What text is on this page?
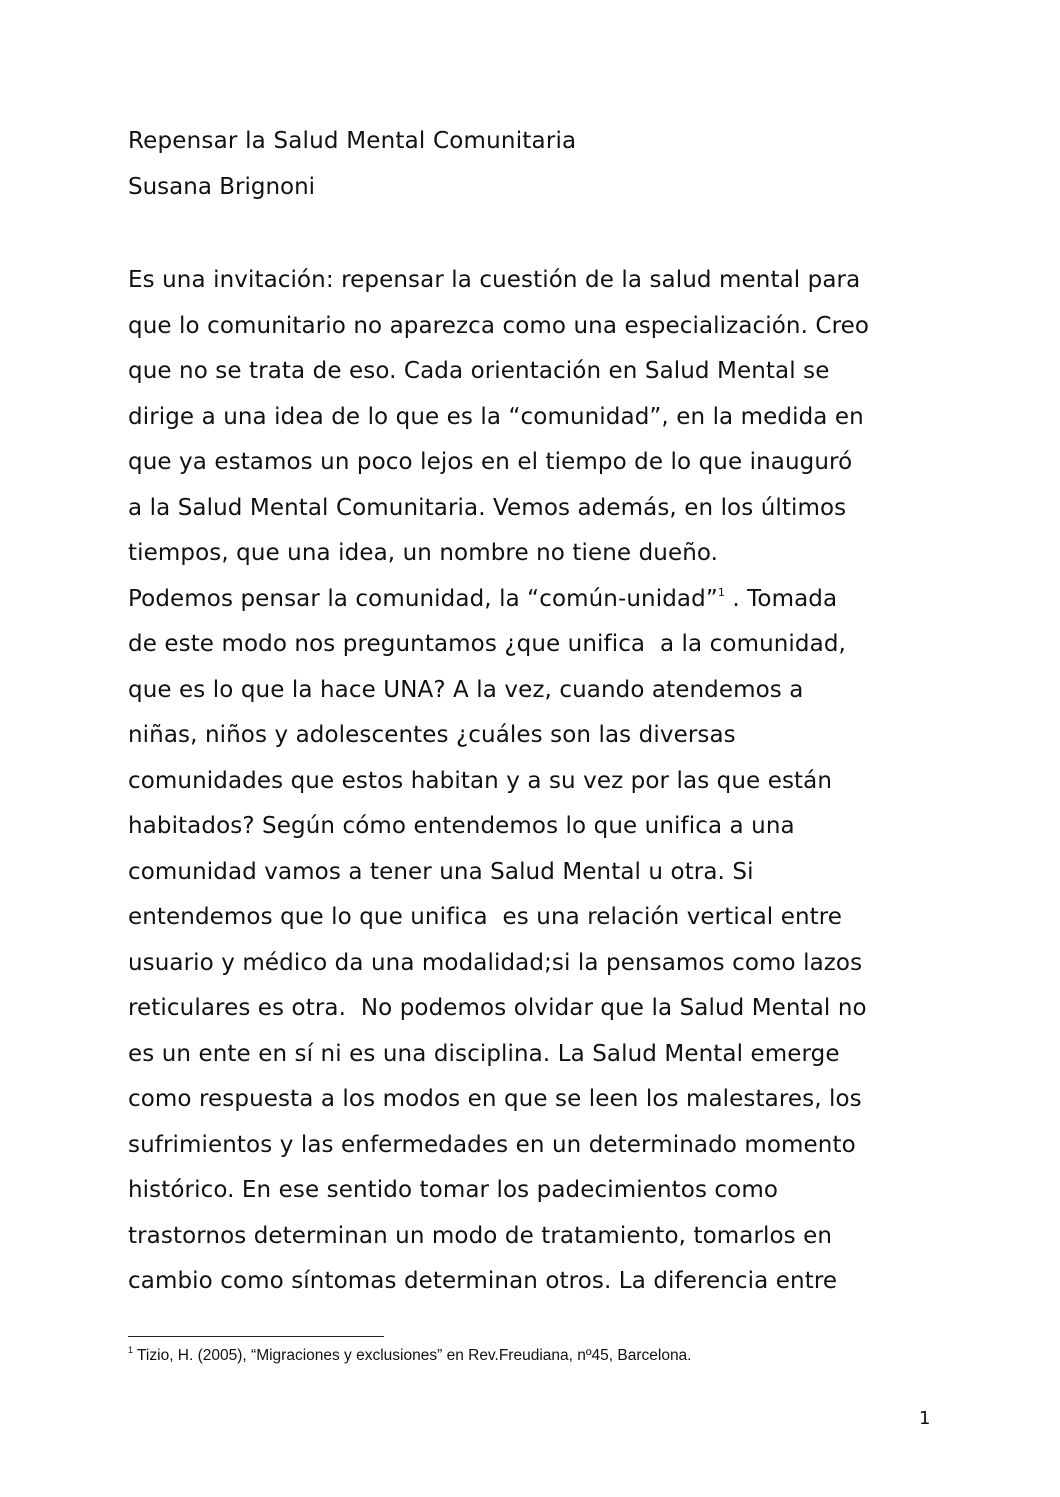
Repensar la Salud Mental Comunitaria
Susana Brignoni
Es una invitación: repensar la cuestión de la salud mental para
que lo comunitario no aparezca como una especialización. Creo
que no se trata de eso. Cada orientación en Salud Mental se
dirige a una idea de lo que es la “comunidad”, en la medida en
que ya estamos un poco lejos en el tiempo de lo que inauguró
a la Salud Mental Comunitaria. Vemos además, en los últimos
tiempos, que una idea, un nombre no tiene dueño.
Podemos pensar la comunidad, la “común-unidad”$^1$ . Tomada
de este modo nos preguntamos ¿que unifica  a la comunidad,
que es lo que la hace UNA? A la vez, cuando atendemos a
niñas, niños y adolescentes ¿cuáles son las diversas
comunidades que estos habitan y a su vez por las que están
habitados? Según cómo entendemos lo que unifica a una
comunidad vamos a tener una Salud Mental u otra. Si
entendemos que lo que unifica  es una relación vertical entre
usuario y médico da una modalidad;si la pensamos como lazos
reticulares es otra.  No podemos olvidar que la Salud Mental no
es un ente en sí ni es una disciplina. La Salud Mental emerge
como respuesta a los modos en que se leen los malestares, los
sufrimientos y las enfermedades en un determinado momento
histórico. En ese sentido tomar los padecimientos como
trastornos determinan un modo de tratamiento, tomarlos en
cambio como síntomas determinan otros. La diferencia entre
$^1$ Tizio, H. (2005), “Migraciones y exclusiones” en Rev.Freudiana, nº45, Barcelona.
1
